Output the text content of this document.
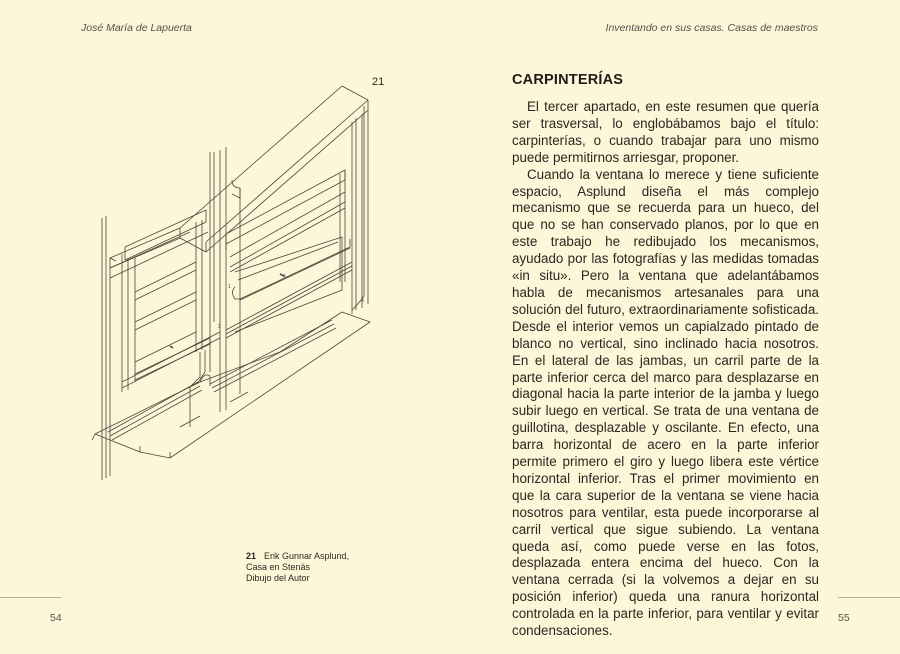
José María de Lapuerta	Inventando en sus casas. Casas de maestros
21
1
2
3
4
21 Erik Gunnar Asplund,
Casa en Stenäs
Dibujo del Autor
CARPINTERÍAS

El tercer apartado, en este resumen que quería ser trasversal, lo englobábamos bajo el título: carpinterías, o cuando trabajar para uno mismo puede permitirnos arriesgar, proponer.

Cuando la ventana lo merece y tiene suficiente espacio, Asplund diseña el más complejo mecanismo que se recuerda para un hueco, del que no se han conservado planos, por lo que en este trabajo he redibujado los mecanismos, ayudado por las fotografías y las medidas tomadas «in situ». Pero la ventana que adelantábamos habla de mecanismos artesanales para una solución del futuro, extraordinariamente sofisticada. Desde el interior vemos un capialzado pintado de blanco no vertical, sino inclinado hacia nosotros. En el lateral de las jambas, un carril parte de la parte inferior cerca del marco para desplazarse en diagonal hacia la parte interior de la jamba y luego subir luego en vertical. Se trata de una ventana de guillotina, desplazable y oscilante. En efecto, una barra horizontal de acero en la parte inferior permite primero el giro y luego libera este vértice horizontal inferior. Tras el primer movimiento en que la cara superior de la ventana se viene hacia nosotros para ventilar, esta puede incorporarse al carril vertical que sigue subiendo. La ventana queda así, como puede verse en las fotos, desplazada entera encima del hueco. Con la ventana cerrada (si la volvemos a dejar en su posición inferior) queda una ranura horizontal controlada en la parte inferior, para ventilar y evitar condensaciones.

54	55
